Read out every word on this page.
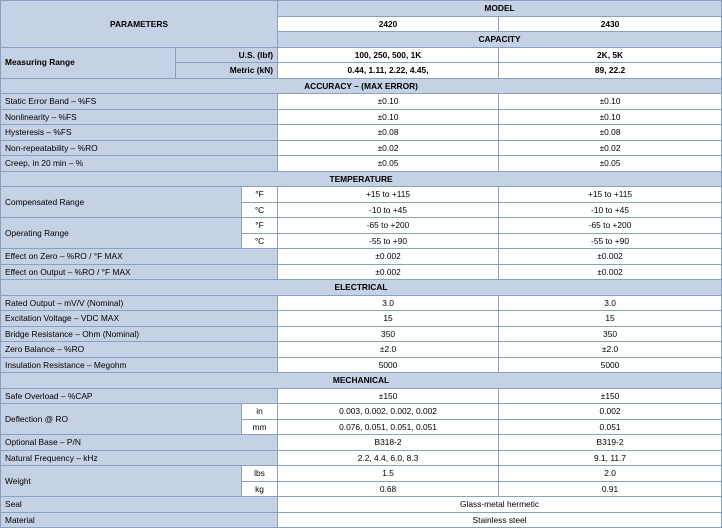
PARAMETERS			MODEL	
			2420	2430
			CAPACITY	
Measuring Range	U.S. (lbf)		100, 250, 500, 1K	2K, 5K
	Metric (kN)		0.44, 1.11, 2.22, 4.45,	89, 22.2
ACCURACY – (MAX ERROR)				
Static Error Band – %FS			±0.10	±0.10
Nonlinearity – %FS			±0.10	±0.10
Hysteresis – %FS			±0.08	±0.08
Non-repeatability – %RO			±0.02	±0.02
Creep, in 20 min – %			±0.05	±0.05
TEMPERATURE				
Compensated Range		°F	+15 to +115	+15 to +115
		°C	-10 to +45	-10 to +45
Operating Range		°F	-65 to +200	-65 to +200
		°C	-55 to +90	-55 to +90
Effect on Zero – %RO / °F MAX			±0.002	±0.002
Effect on Output – %RO / °F MAX			±0.002	±0.002
ELECTRICAL				
Rated Output – mV/V (Nominal)			3.0	3.0
Excitation Voltage – VDC MAX			15	15
Bridge Resistance – Ohm (Nominal)			350	350
Zero Balance – %RO			±2.0	±2.0
Insulation Resistance – Megohm			5000	5000
MECHANICAL				
Safe Overload – %CAP			±150	±150
Deflection @ RO		in	0.003, 0.002, 0.002, 0.002	0.002
		mm	0.076, 0.051, 0.051, 0.051	0.051
Optional Base – P/N			B318-2	B319-2
Natural Frequency – kHz			2.2, 4.4, 6.0, 8.3	9.1, 11.7
Weight		lbs	1.5	2.0
		kg	0.68	0.91
Seal			Glass-metal hermetic	
Material			Stainless steel	
